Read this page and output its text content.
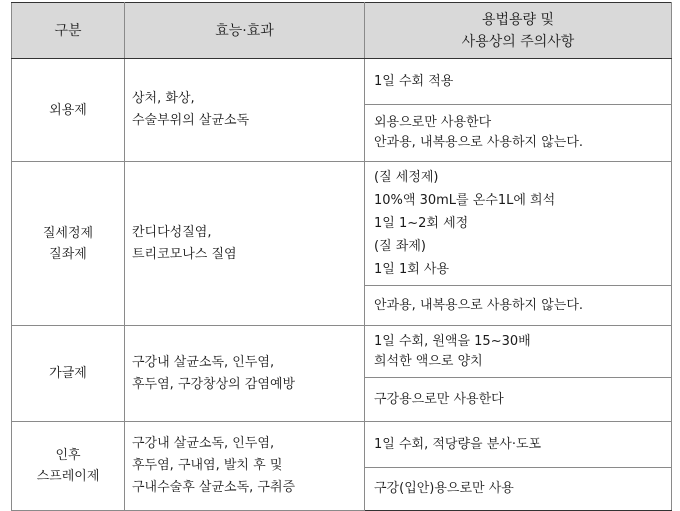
구분	효능·효과	용법용량 및
사용상의 주의사항

외용제	상처, 화상,
수술부위의 살균소독	1일 수회 적용

		외용으로만 사용한다
안과용, 내복용으로 사용하지 않는다.

질세정제
질좌제	칸디다성질염,
트리코모나스 질염	(질 세정제)
10%액 30mL를 온수1L에 희석
1일 1~2회 세정
(질 좌제)
1일 1회 사용

		안과용, 내복용으로 사용하지 않는다.

가글제	구강내 살균소독, 인두염,
후두염, 구강창상의 감염예방	1일 수회, 원액을 15~30배
희석한 액으로 양치

		구강용으로만 사용한다

인후
스프레이제	구강내 살균소독, 인두염,
후두염, 구내염, 발치 후 및
구내수술후 살균소독, 구취증	1일 수회, 적당량을 분사·도포

		구강(입안)용으로만 사용
